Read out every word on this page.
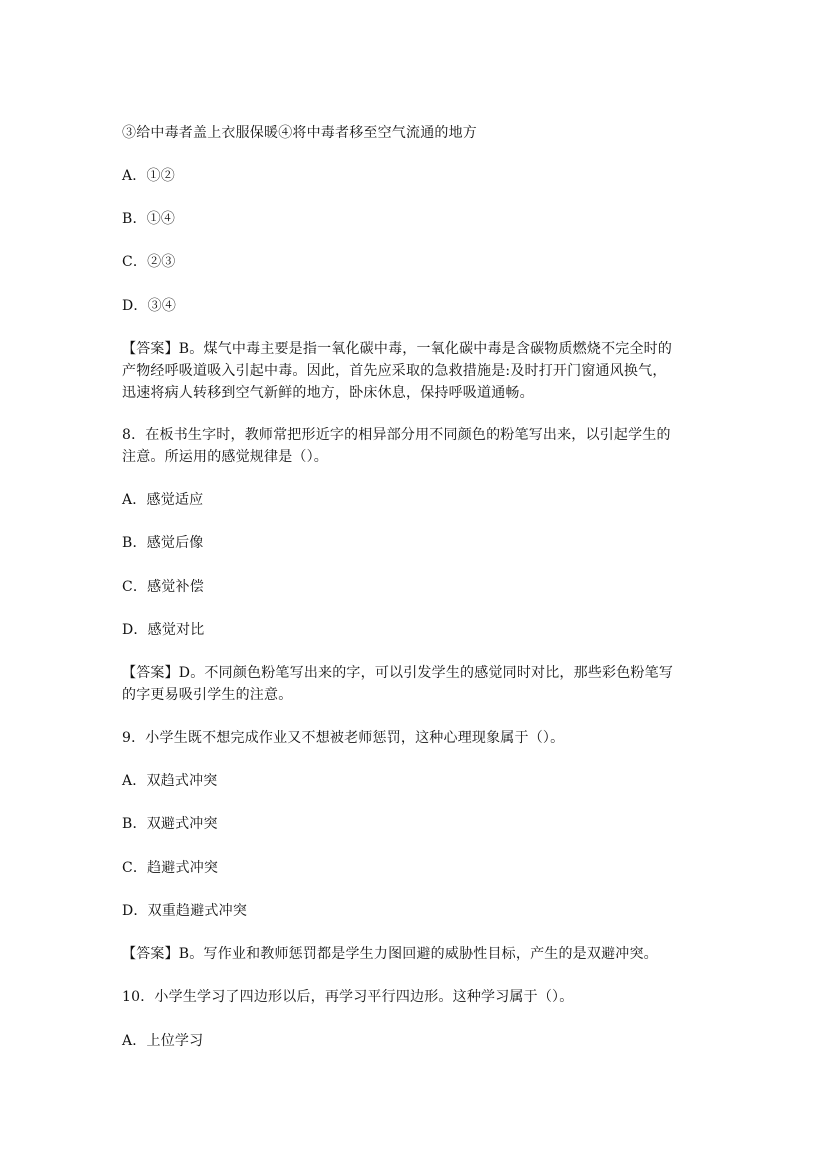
③给中毒者盖上衣服保暖④将中毒者移至空气流通的地方
A．①②
B．①④
C．②③
D．③④
【答案】B。煤气中毒主要是指一氧化碳中毒，一氧化碳中毒是含碳物质燃烧不完全时的
产物经呼吸道吸入引起中毒。因此，首先应采取的急救措施是:及时打开门窗通风换气，
迅速将病人转移到空气新鲜的地方，卧床休息，保持呼吸道通畅。
8．在板书生字时，教师常把形近字的相异部分用不同颜色的粉笔写出来，以引起学生的
注意。所运用的感觉规律是（）。
A．感觉适应
B．感觉后像
C．感觉补偿
D．感觉对比
【答案】D。不同颜色粉笔写出来的字，可以引发学生的感觉同时对比，那些彩色粉笔写
的字更易吸引学生的注意。
9．小学生既不想完成作业又不想被老师惩罚，这种心理现象属于（）。
A．双趋式冲突
B．双避式冲突
C．趋避式冲突
D．双重趋避式冲突
【答案】B。写作业和教师惩罚都是学生力图回避的威胁性目标，产生的是双避冲突。
10．小学生学习了四边形以后，再学习平行四边形。这种学习属于（）。
A．上位学习
